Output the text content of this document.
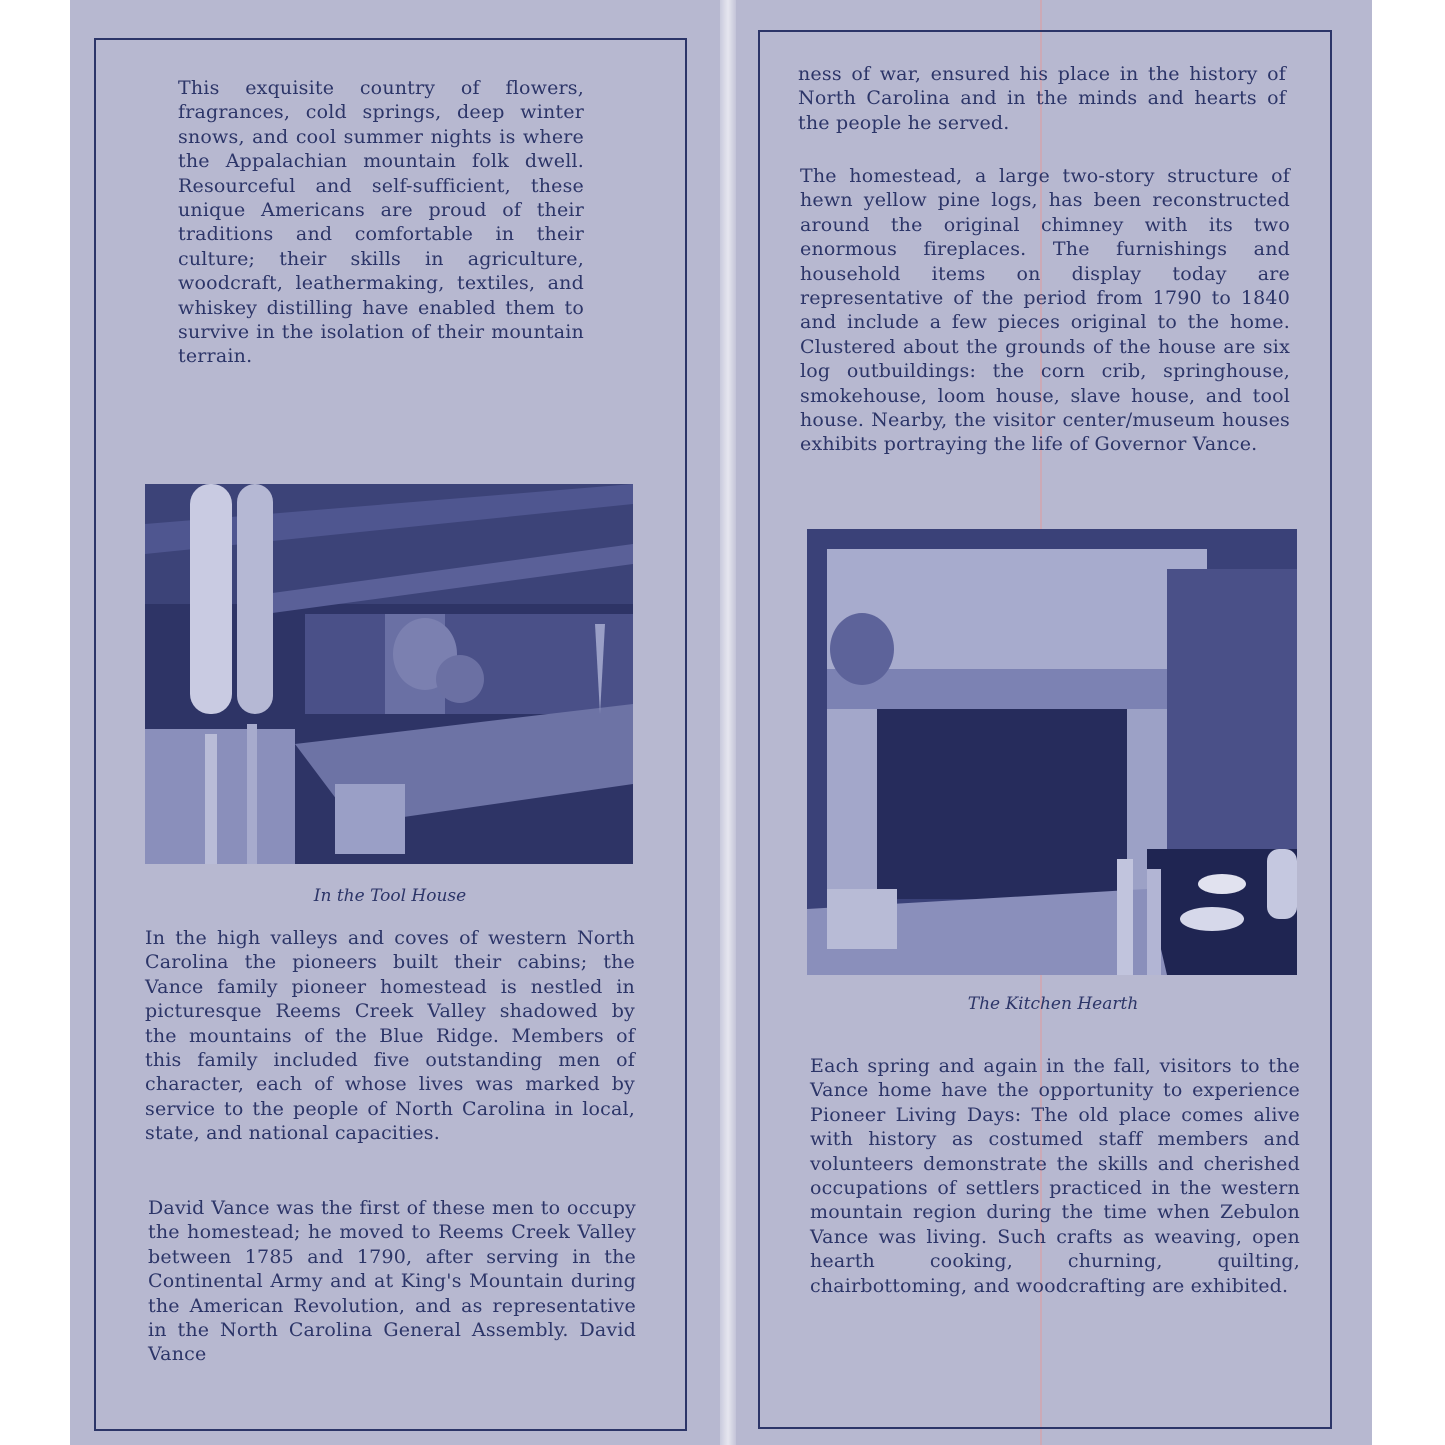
This exquisite country of flowers, fragrances, cold springs, deep winter snows, and cool summer nights is where the Appalachian mountain folk dwell. Resourceful and self-sufficient, these unique Americans are proud of their traditions and comfortable in their culture; their skills in agriculture, woodcraft, leathermaking, textiles, and whiskey distilling have enabled them to survive in the isolation of their mountain terrain.
In the Tool House
In the high valleys and coves of western North Carolina the pioneers built their cabins; the Vance family pioneer homestead is nestled in picturesque Reems Creek Valley shadowed by the mountains of the Blue Ridge. Members of this family included five outstanding men of character, each of whose lives was marked by service to the people of North Carolina in local, state, and national capacities.
David Vance was the first of these men to occupy the homestead; he moved to Reems Creek Valley between 1785 and 1790, after serving in the Continental Army and at King's Mountain during the American Revolution, and as representative in the North Carolina General Assembly. David Vance
ness of war, ensured his place in the history of North Carolina and in the minds and hearts of the people he served.
The homestead, a large two-story structure of hewn yellow pine logs, has been reconstructed around the original chimney with its two enormous fireplaces. The furnishings and household items on display today are representative of the period from 1790 to 1840 and include a few pieces original to the home. Clustered about the grounds of the house are six log outbuildings: the corn crib, springhouse, smokehouse, loom house, slave house, and tool house. Nearby, the visitor center/museum houses exhibits portraying the life of Governor Vance.
The Kitchen Hearth
Each spring and again in the fall, visitors to the Vance home have the opportunity to experience Pioneer Living Days: The old place comes alive with history as costumed staff members and volunteers demonstrate the skills and cherished occupations of settlers practiced in the western mountain region during the time when Zebulon Vance was living. Such crafts as weaving, open hearth cooking, churning, quilting, chairbottoming, and woodcrafting are exhibited.
